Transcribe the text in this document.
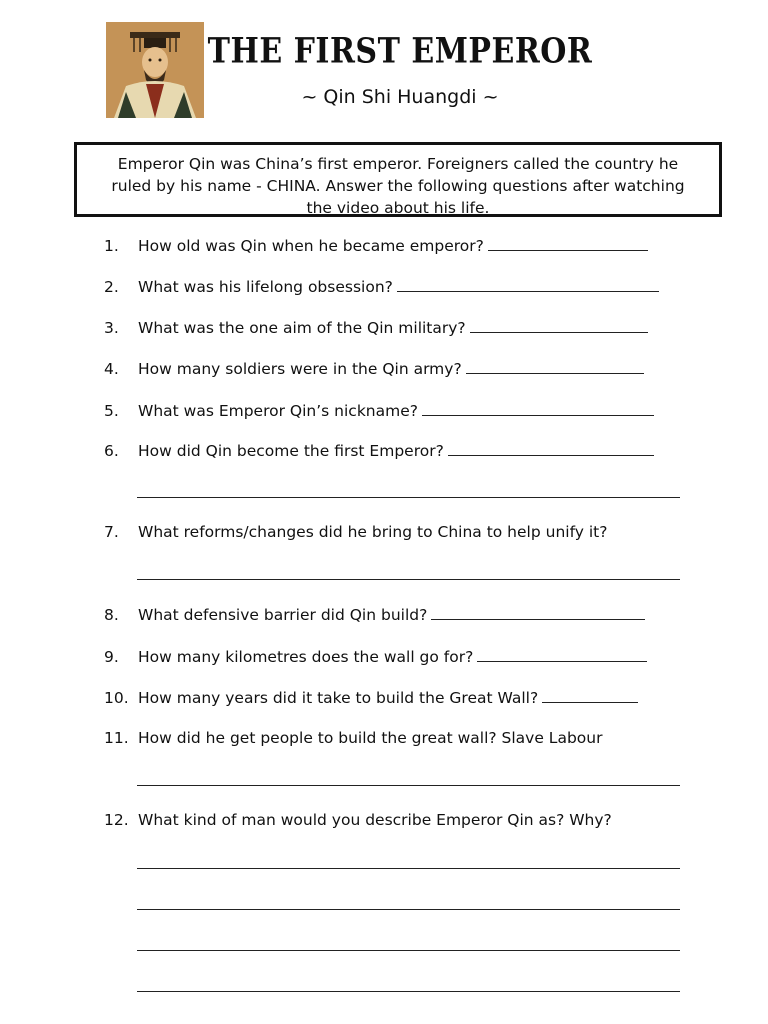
THE FIRST EMPEROR
~ Qin Shi Huangdi ~
Emperor Qin was China’s first emperor. Foreigners called the country he
ruled by his name - CHINA. Answer the following questions after watching
the video about his life.
1. How old was Qin when he became emperor?
2. What was his lifelong obsession?
3. What was the one aim of the Qin military?
4. How many soldiers were in the Qin army?
5. What was Emperor Qin’s nickname?
6. How did Qin become the first Emperor?
7. What reforms/changes did he bring to China to help unify it?
8. What defensive barrier did Qin build?
9. How many kilometres does the wall go for?
10. How many years did it take to build the Great Wall?
11. How did he get people to build the great wall? Slave Labour
12. What kind of man would you describe Emperor Qin as? Why?
